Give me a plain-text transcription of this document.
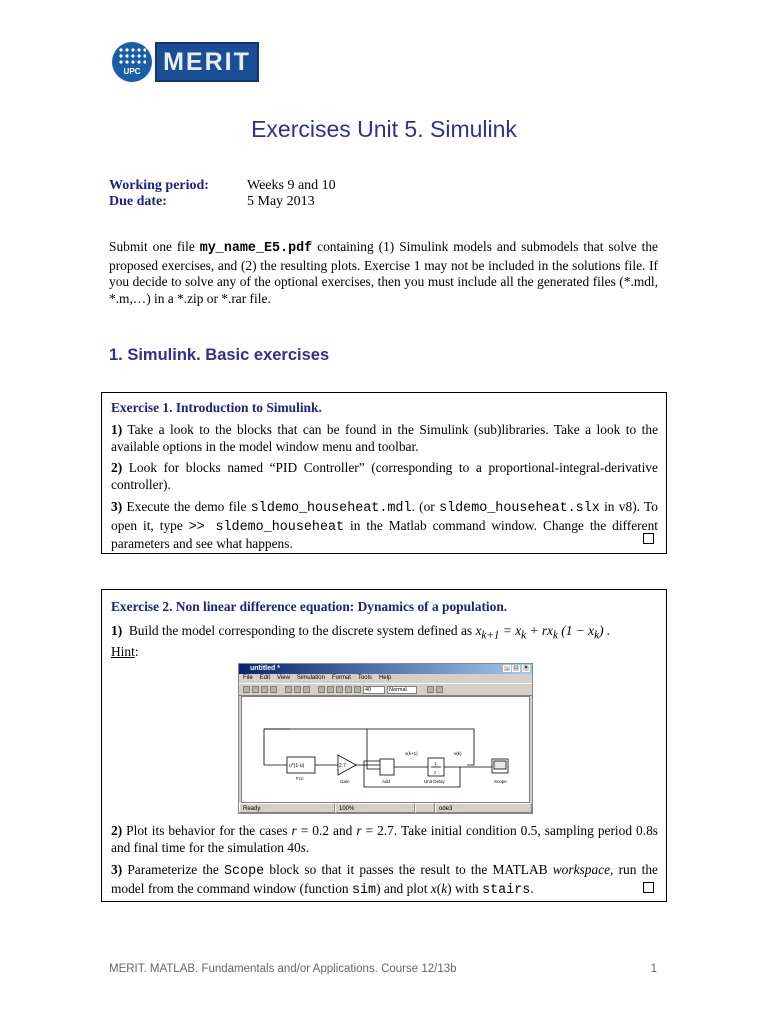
UPC MERIT
Exercises Unit 5. Simulink
Working period:	Weeks 9 and 10
Due date:	5 May 2013
Submit one file my_name_E5.pdf containing (1) Simulink models and submodels that solve the proposed exercises, and (2) the resulting plots. Exercise 1 may not be included in the solutions file. If you decide to solve any of the optional exercises, then you must include all the generated files (*.mdl, *.m,…) in a *.zip or *.rar file.
1. Simulink. Basic exercises
Exercise 1. Introduction to Simulink.
1) Take a look to the blocks that can be found in the Simulink (sub)libraries. Take a look to the available options in the model window menu and toolbar.
2) Look for blocks named “PID Controller” (corresponding to a proportional-integral-derivative controller).
3) Execute the demo file sldemo_househeat.mdl. (or sldemo_househeat.slx in v8). To open it, type >> sldemo_househeat in the Matlab command window. Change the different parameters and see what happens.
Exercise 2. Non linear difference equation: Dynamics of a population.
1) Build the model corresponding to the discrete system defined as $x_{k+1} = x_k + rx_k$ $(1 - x_k)$ .
Hint:
untitled *	_ □	×
File Edit View Simulation Format Tools Help
40	Normal
u*(1-u)
Fcn
2.7
Gain	Add
1
z
Unit Delay	Scope
x(k+1)	x(k)
Ready	100%	ode3
2) Plot its behavior for the cases r = 0.2 and r = 2.7. Take initial condition 0.5, sampling period 0.8s and final time for the simulation 40s.
3) Parameterize the Scope block so that it passes the result to the MATLAB workspace, run the model from the command window (function sim) and plot x(k) with stairs.
MERIT. MATLAB. Fundamentals and/or Applications. Course 12/13b	1
